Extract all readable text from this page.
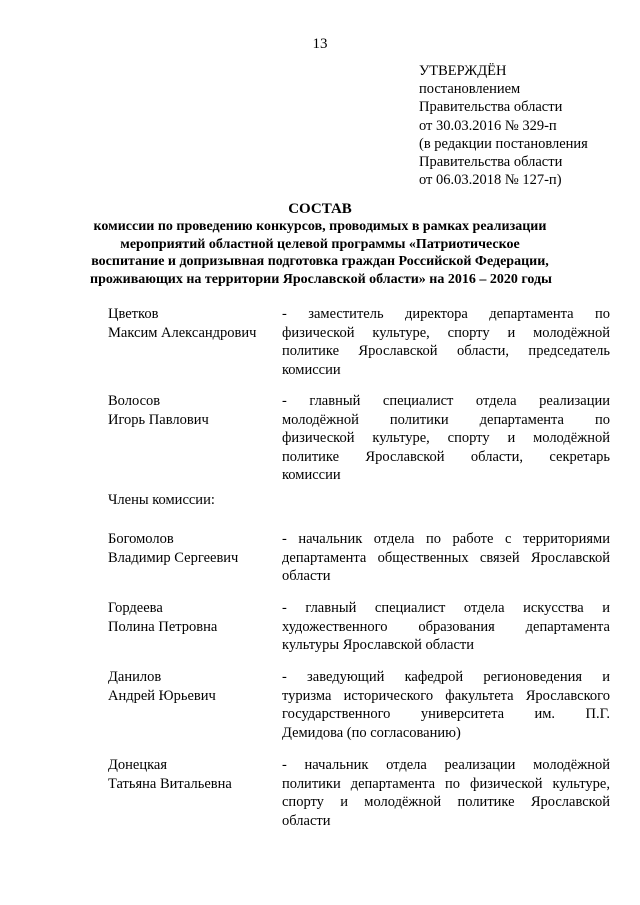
13
УТВЕРЖДЁН
постановлением
Правительства области
от 30.03.2016 № 329-п
(в редакции постановления
Правительства области
от 06.03.2018 № 127-п)
СОСТАВ
комиссии по проведению конкурсов, проводимых в рамках реализации
мероприятий областной целевой программы «Патриотическое
воспитание и допризывная подготовка граждан Российской Федерации,
проживающих на территории Ярославской области» на 2016 – 2020 годы
Цветков
Максим Александрович
- заместитель директора департамента по
физической культуре, спорту и молодёжной
политике Ярославской области, председатель
комиссии
Волосов
Игорь Павлович
- главный специалист отдела реализации
молодёжной политики департамента по
физической культуре, спорту и молодёжной
политике Ярославской области, секретарь
комиссии
Члены комиссии:
Богомолов
Владимир Сергеевич
- начальник отдела по работе с территориями
департамента общественных связей Ярославской
области
Гордеева
Полина Петровна
- главный специалист отдела искусства и
художественного образования департамента
культуры Ярославской области
Данилов
Андрей Юрьевич
- заведующий кафедрой регионоведения и
туризма исторического факультета Ярославского
государственного университета им. П.Г.
Демидова (по согласованию)
Донецкая
Татьяна Витальевна
- начальник отдела реализации молодёжной
политики департамента по физической культуре,
спорту и молодёжной политике Ярославской
области
